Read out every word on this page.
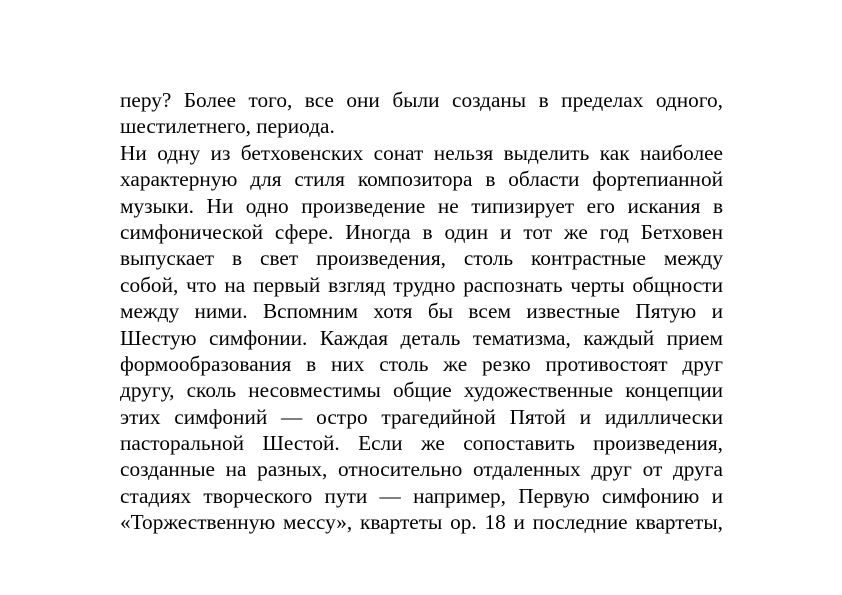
перу? Более того, все они были созданы в пределах одного,
шестилетнего, периода.
Ни одну из бетховенских сонат нельзя выделить как наиболее
характерную для стиля композитора в области фортепианной
музыки. Ни одно произведение не типизирует его искания в
симфонической сфере. Иногда в один и тот же год Бетховен
выпускает в свет произведения, столь контрастные между
собой, что на первый взгляд трудно распознать черты общности
между ними. Вспомним хотя бы всем известные Пятую и
Шестую симфонии. Каждая деталь тематизма, каждый прием
формообразования в них столь же резко противостоят друг
другу, сколь несовместимы общие художественные концепции
этих симфоний — остро трагедийной Пятой и идиллически
пасторальной Шестой. Если же сопоставить произведения,
созданные на разных, относительно отдаленных друг от друга
стадиях творческого пути — например, Первую симфонию и
«Торжественную мессу», квартеты ор. 18 и последние квартеты,
